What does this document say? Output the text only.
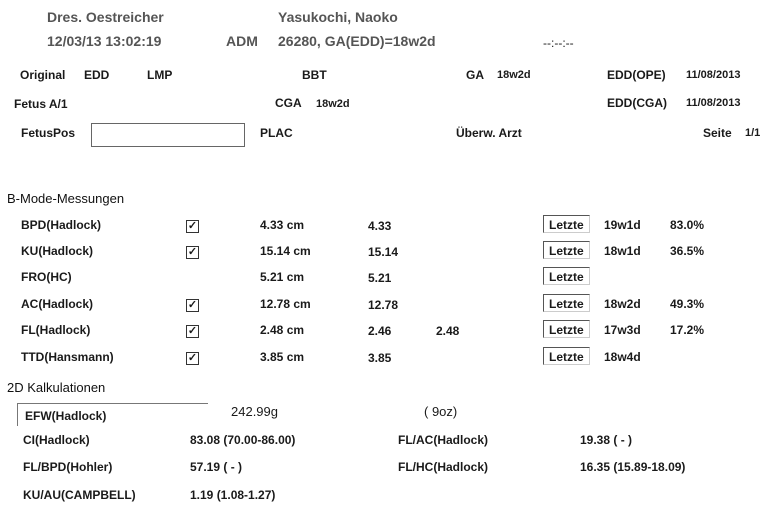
Dres. Oestreicher	Yasukochi, Naoko
12/03/13 13:02:19	ADM 26280, GA(EDD)=18w2d	--:--:--
Original EDD	LMP	BBT	GA 18w2d	EDD(OPE) 11/08/2013
Fetus A/1	CGA 18w2d	EDD(CGA) 11/08/2013
FetusPos	PLAC	Überw. Arzt	Seite 1/1
B-Mode-Messungen
BPD(Hadlock)	✓	4.33 cm	4.33	Letzte	19w1d 83.0%
KU(Hadlock)	✓	15.14 cm	15.14	Letzte	18w1d 36.5%
FRO(HC)	5.21 cm	5.21	Letzte
AC(Hadlock)	✓	12.78 cm	12.78	Letzte	18w2d 49.3%
FL(Hadlock)	✓	2.48 cm	2.46	2.48	Letzte	17w3d 17.2%
TTD(Hansmann)	✓	3.85 cm	3.85	Letzte	18w4d
2D Kalkulationen
EFW(Hadlock)	242.99g	( 9oz)
CI(Hadlock)	83.08 (70.00-86.00)	FL/AC(Hadlock)	19.38 ( - )
FL/BPD(Hohler)	57.19 ( - )	FL/HC(Hadlock)	16.35 (15.89-18.09)
KU/AU(CAMPBELL)	1.19 (1.08-1.27)
